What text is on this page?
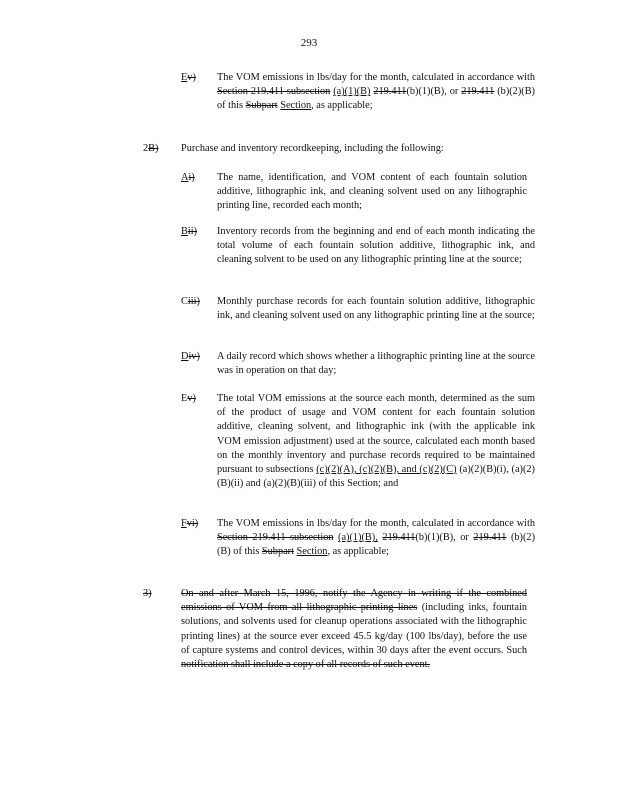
293
Ev) The VOM emissions in lbs/day for the month, calculated in accordance with Section 219.411 subsection (a)(1)(B) 219.411(b)(1)(B), or 219.411 (b)(2)(B) of this Subpart Section, as applicable;
2B) Purchase and inventory recordkeeping, including the following:
Ai) The name, identification, and VOM content of each fountain solution additive, lithographic ink, and cleaning solvent used on any lithographic printing line, recorded each month;
Bii) Inventory records from the beginning and end of each month indicating the total volume of each fountain solution additive, lithographic ink, and cleaning solvent to be used on any lithographic printing line at the source;
Ciii) Monthly purchase records for each fountain solution additive, lithographic ink, and cleaning solvent used on any lithographic printing line at the source;
Div) A daily record which shows whether a lithographic printing line at the source was in operation on that day;
Ev) The total VOM emissions at the source each month, determined as the sum of the product of usage and VOM content for each fountain solution additive, cleaning solvent, and lithographic ink (with the applicable ink VOM emission adjustment) used at the source, calculated each month based on the monthly inventory and purchase records required to be maintained pursuant to subsections (c)(2)(A), (c)(2)(B), and (c)(2)(C) (a)(2)(B)(i), (a)(2)(B)(ii) and (a)(2)(B)(iii) of this Section; and
Fvi) The VOM emissions in lbs/day for the month, calculated in accordance with Section 219.411 subsection (a)(1)(B), 219.411(b)(1)(B), or 219.411 (b)(2)(B) of this Subpart Section, as applicable;
3)	On and after March 15, 1996, notify the Agency in writing if the combined emissions of VOM from all lithographic printing lines (including inks, fountain solutions, and solvents used for cleanup operations associated with the lithographic printing lines) at the source ever exceed 45.5 kg/day (100 lbs/day), before the use of capture systems and control devices, within 30 days after the event occurs. Such notification shall include a copy of all records of such event.
